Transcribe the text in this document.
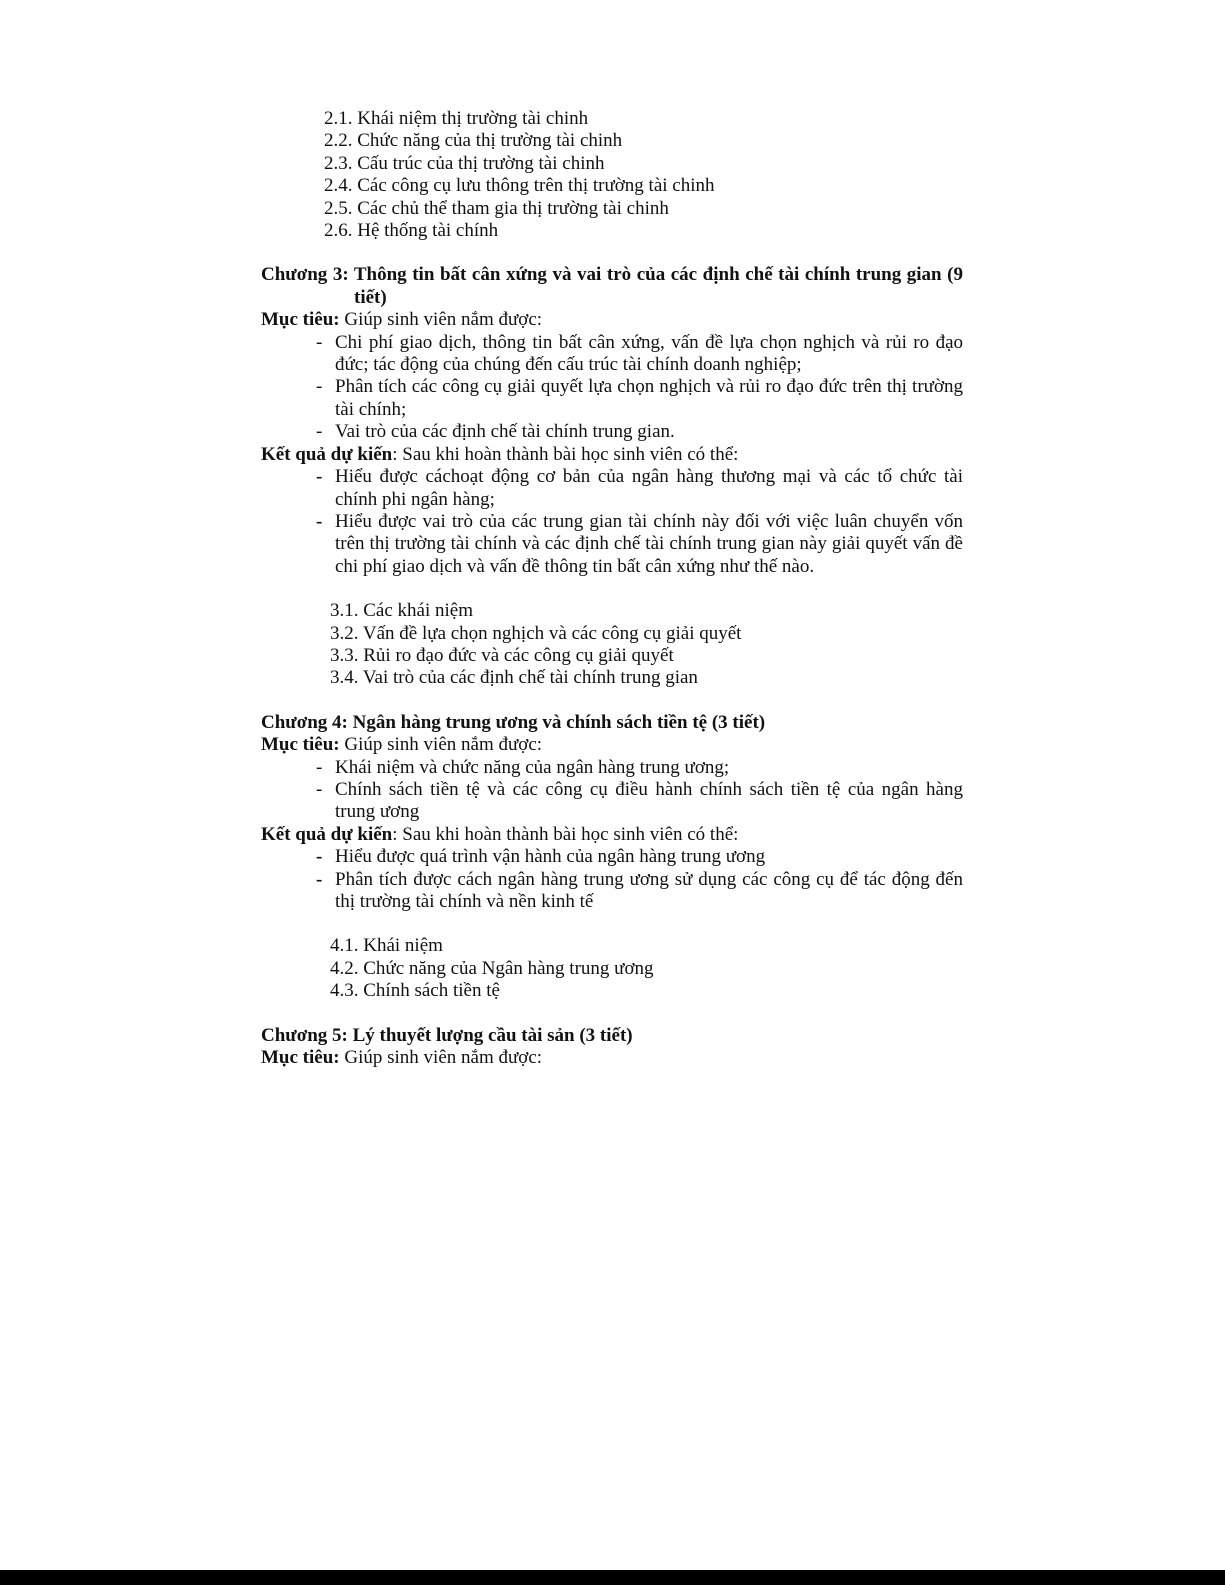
2.1. Khái niệm thị trường tài chinh
2.2. Chức năng của thị trường tài chinh
2.3. Cấu trúc của thị trường tài chinh
2.4. Các công cụ lưu thông trên thị trường tài chinh
2.5. Các chủ thể tham gia thị trường tài chinh
2.6. Hệ thống tài chính
Chương 3: Thông tin bất cân xứng và vai trò của các định chế tài chính trung gian (9 tiết)

Mục tiêu: Giúp sinh viên nắm được:

- Chi phí giao dịch, thông tin bất cân xứng, vấn đề lựa chọn nghịch và rủi ro đạo đức; tác động của chúng đến cấu trúc tài chính doanh nghiệp;
- Phân tích các công cụ giải quyết lựa chọn nghịch và rủi ro đạo đức trên thị trường tài chính;
- Vai trò của các định chế tài chính trung gian.

Kết quả dự kiến: Sau khi hoàn thành bài học sinh viên có thể:

- Hiểu được cáchoạt động cơ bản của ngân hàng thương mại và các tổ chức tài chính phi ngân hàng;
- Hiểu được vai trò của các trung gian tài chính này đối với việc luân chuyển vốn trên thị trường tài chính và các định chế tài chính trung gian này giải quyết vấn đề chi phí giao dịch và vấn đề thông tin bất cân xứng như thế nào.
3.1. Các khái niệm
3.2. Vấn đề lựa chọn nghịch và các công cụ giải quyết
3.3. Rủi ro đạo đức và các công cụ giải quyết
3.4. Vai trò của các định chế tài chính trung gian
Chương 4: Ngân hàng trung ương và chính sách tiền tệ (3 tiết)

Mục tiêu: Giúp sinh viên nắm được:

- Khái niệm và chức năng của ngân hàng trung ương;
- Chính sách tiền tệ và các công cụ điều hành chính sách tiền tệ của ngân hàng trung ương

Kết quả dự kiến: Sau khi hoàn thành bài học sinh viên có thể:

- Hiểu được quá trình vận hành của ngân hàng trung ương
- Phân tích được cách ngân hàng trung ương sử dụng các công cụ để tác động đến thị trường tài chính và nền kinh tế
4.1. Khái niệm
4.2. Chức năng của Ngân hàng trung ương
4.3. Chính sách tiền tệ
Chương 5: Lý thuyết lượng cầu tài sản (3 tiết)

Mục tiêu: Giúp sinh viên nắm được:
